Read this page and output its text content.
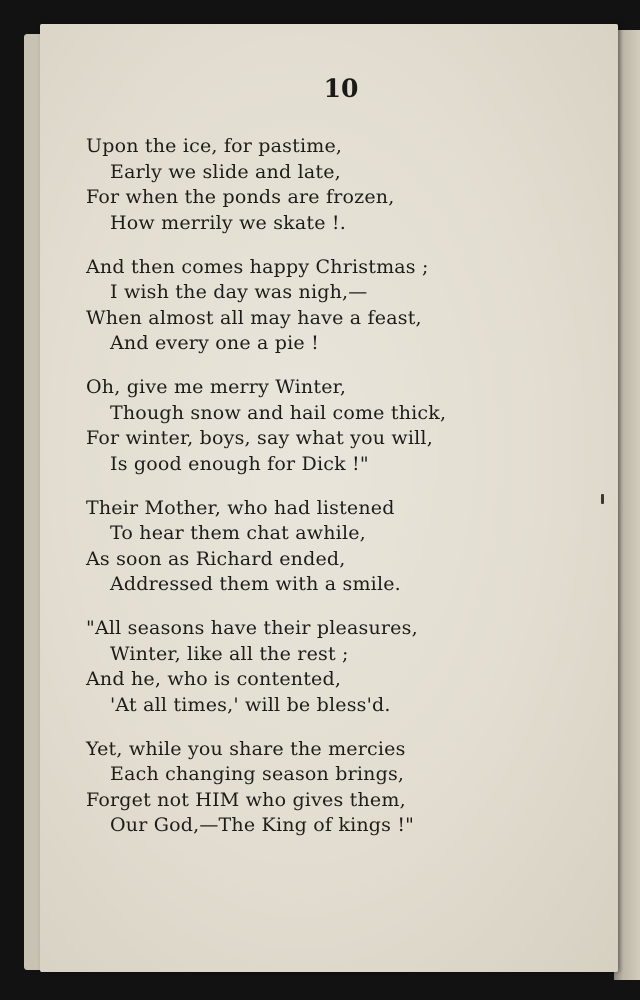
10
Upon the ice, for pastime,
Early we slide and late,
For when the ponds are frozen,
How merrily we skate !.
And then comes happy Christmas ;
I wish the day was nigh,—
When almost all may have a feast,
And every one a pie !
Oh, give me merry Winter,
Though snow and hail come thick,
For winter, boys, say what you will,
Is good enough for Dick !"
Their Mother, who had listened
To hear them chat awhile,
As soon as Richard ended,
Addressed them with a smile.
"All seasons have their pleasures,
Winter, like all the rest ;
And he, who is contented,
'At all times,' will be bless'd.
Yet, while you share the mercies
Each changing season brings,
Forget not HIM who gives them,
Our God,—The King of kings !"
